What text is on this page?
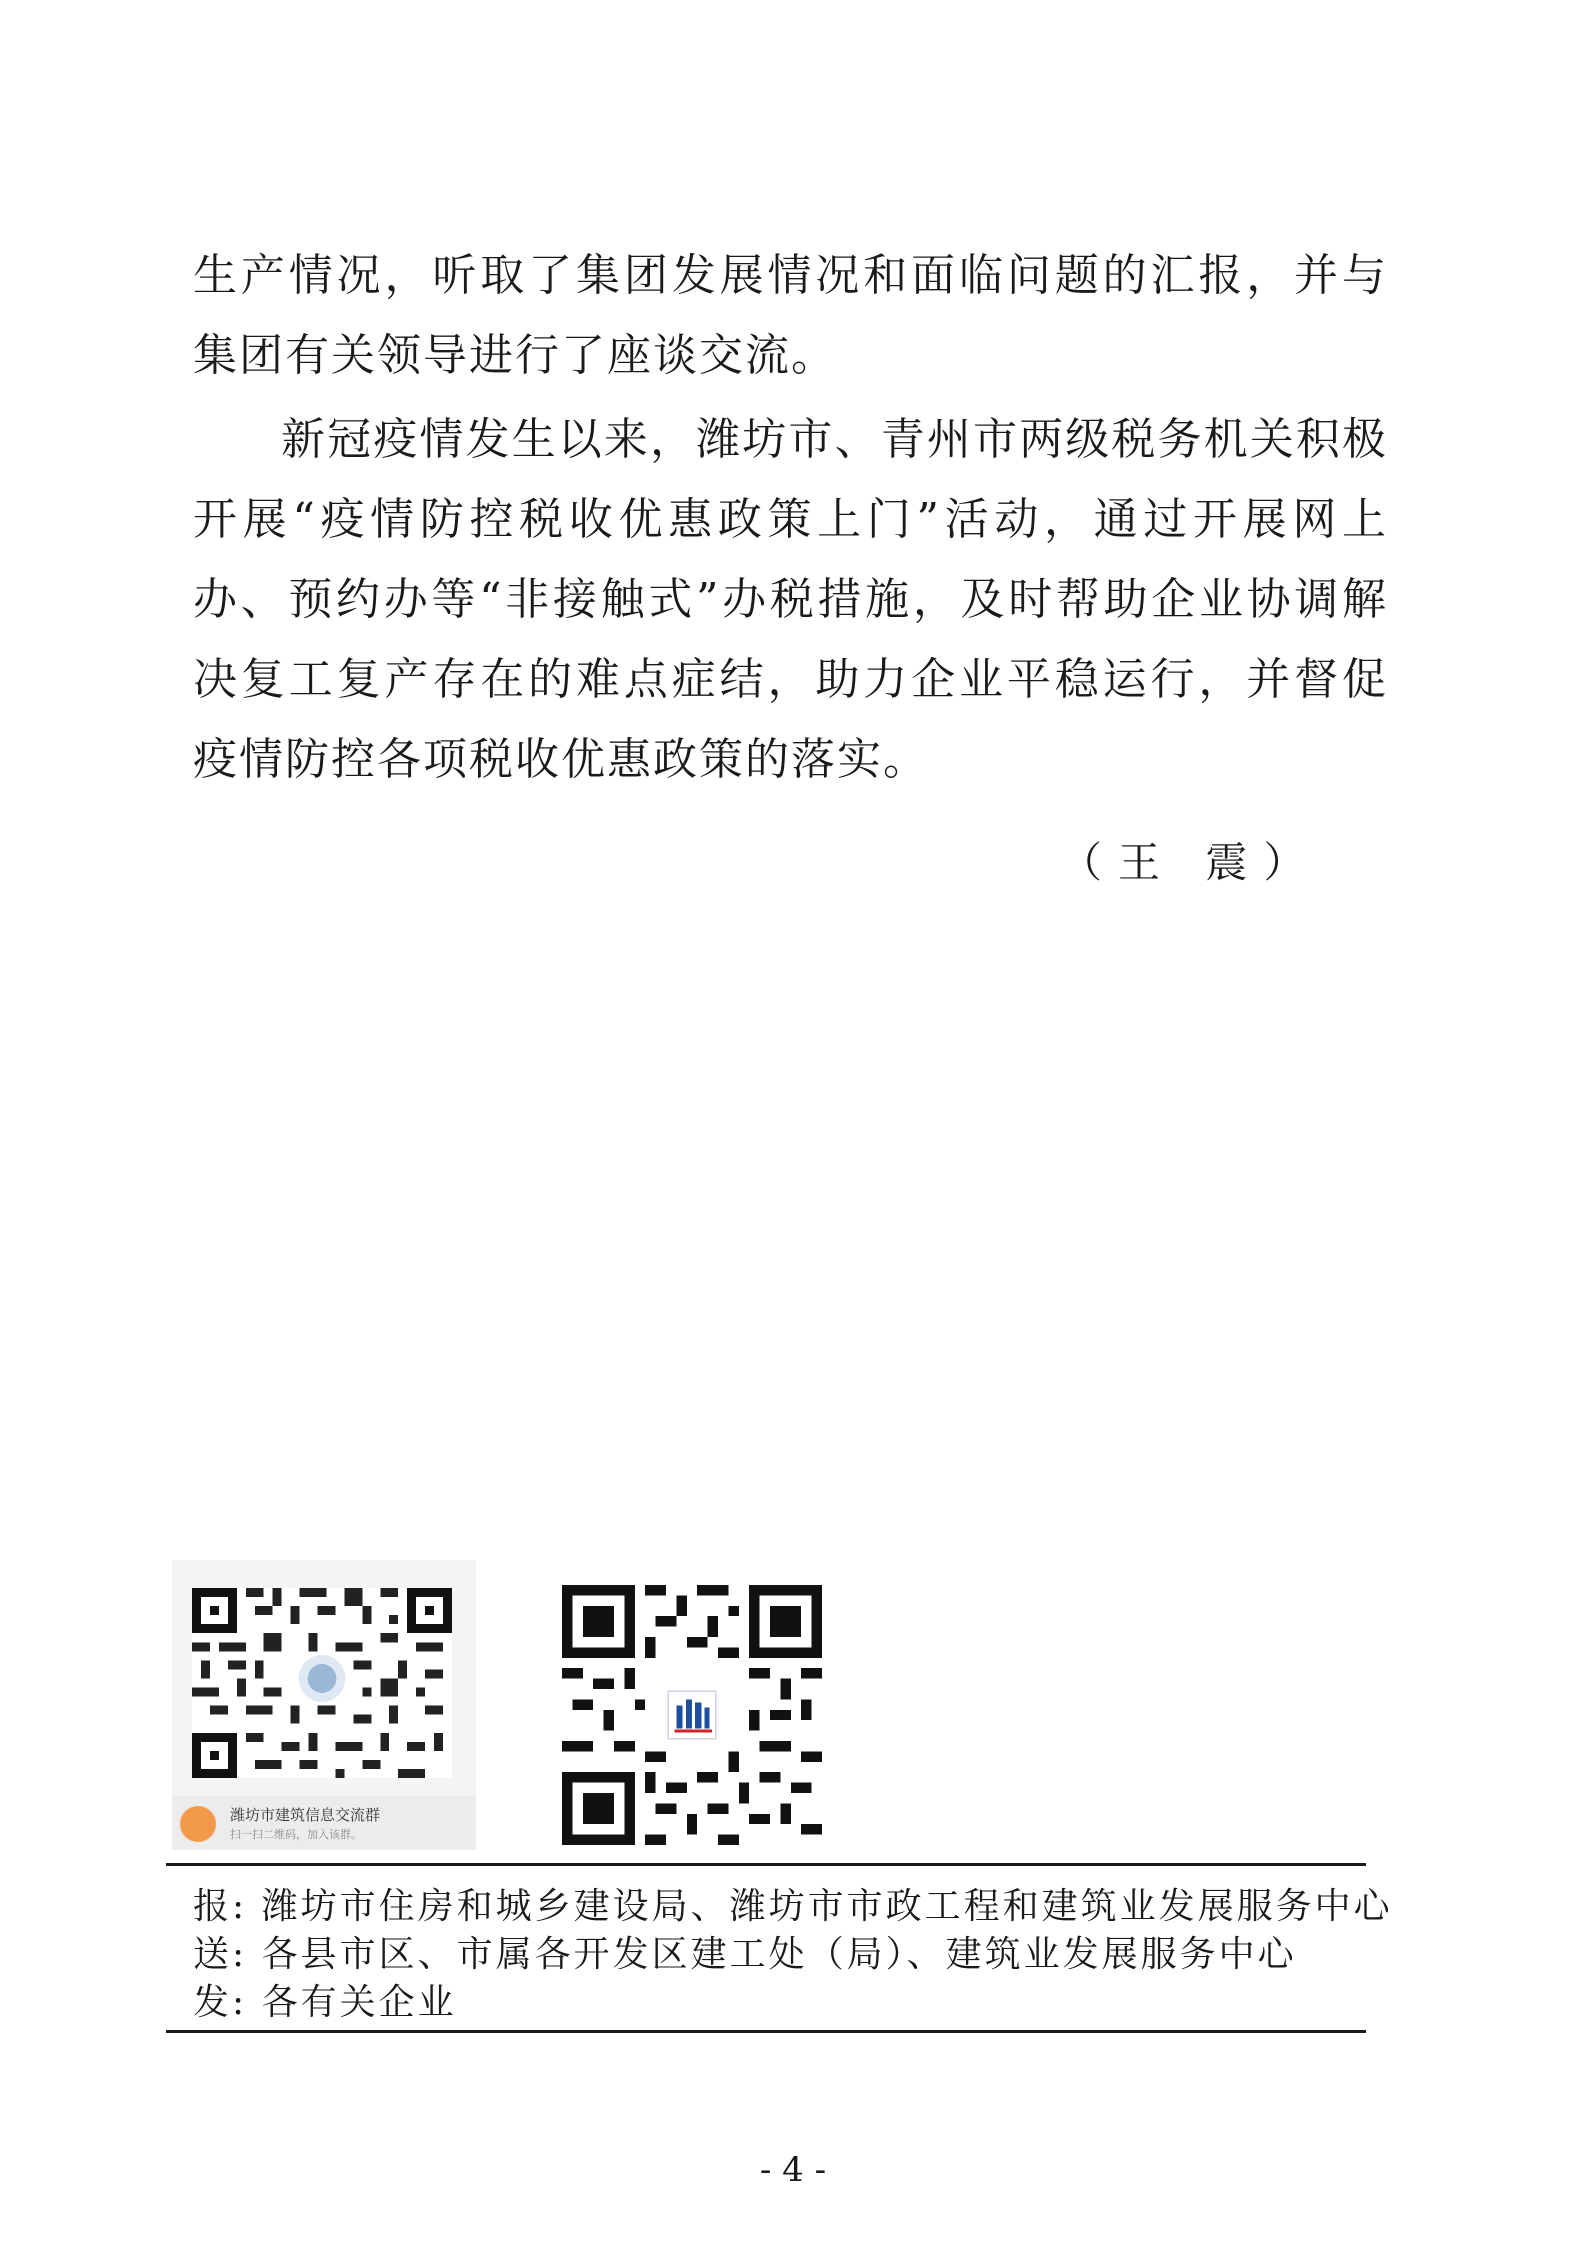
生产情况，听取了集团发展情况和面临问题的汇报，并与集团有关领导进行了座谈交流。

新冠疫情发生以来，潍坊市、青州市两级税务机关积极开展“疫情防控税收优惠政策上门”活动，通过开展网上办、预约办等“非接触式”办税措施，及时帮助企业协调解决复工复产存在的难点症结，助力企业平稳运行，并督促疫情防控各项税收优惠政策的落实。

（王 震）
潍坊市建筑信息交流群
扫一扫二维码，加入该群。
报: 潍坊市住房和城乡建设局、潍坊市市政工程和建筑业发展服务中心
送: 各县市区、市属各开发区建工处（局）、建筑业发展服务中心
发: 各有关企业
- 4 -
